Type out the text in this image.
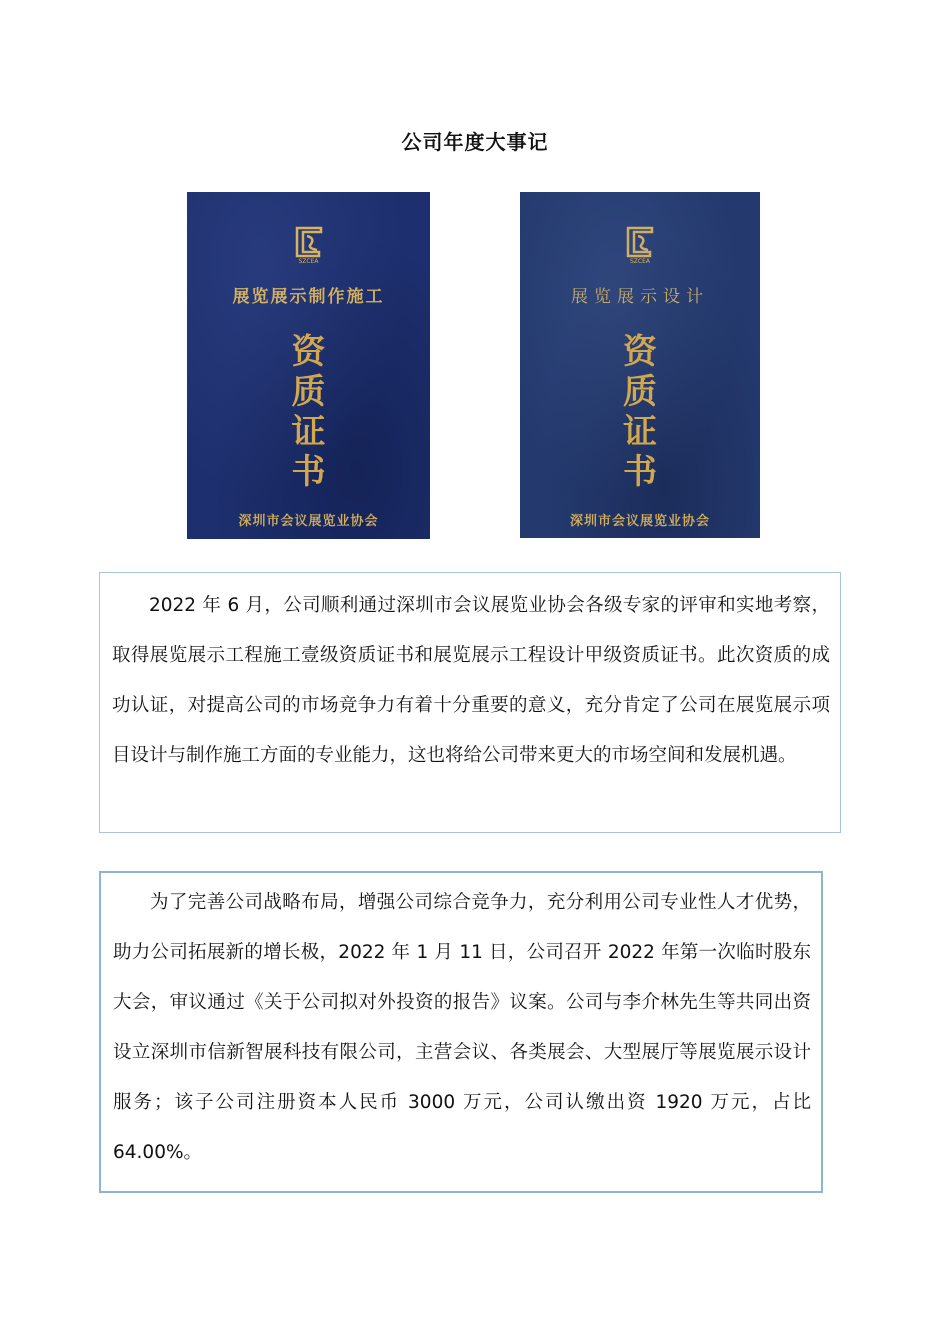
公司年度大事记
SZCEA
展览展示制作施工
资
质
证
书
深圳市会议展览业协会
SZCEA
展览展示设计
资
质
证
书
深圳市会议展览业协会

2022 年 6 月，公司顺利通过深圳市会议展览业协会各级专家的评审和实地考察，取得展览展示工程施工壹级资质证书和展览展示工程设计甲级资质证书。此次资质的成功认证，对提高公司的市场竞争力有着十分重要的意义，充分肯定了公司在展览展示项目设计与制作施工方面的专业能力，这也将给公司带来更大的市场空间和发展机遇。

为了完善公司战略布局，增强公司综合竞争力，充分利用公司专业性人才优势，助力公司拓展新的增长极，2022 年 1 月 11 日，公司召开 2022 年第一次临时股东大会，审议通过《关于公司拟对外投资的报告》议案。公司与李介林先生等共同出资设立深圳市信新智展科技有限公司，主营会议、各类展会、大型展厅等展览展示设计服务；该子公司注册资本人民币 3000 万元，公司认缴出资 1920 万元，占比 64.00%。
